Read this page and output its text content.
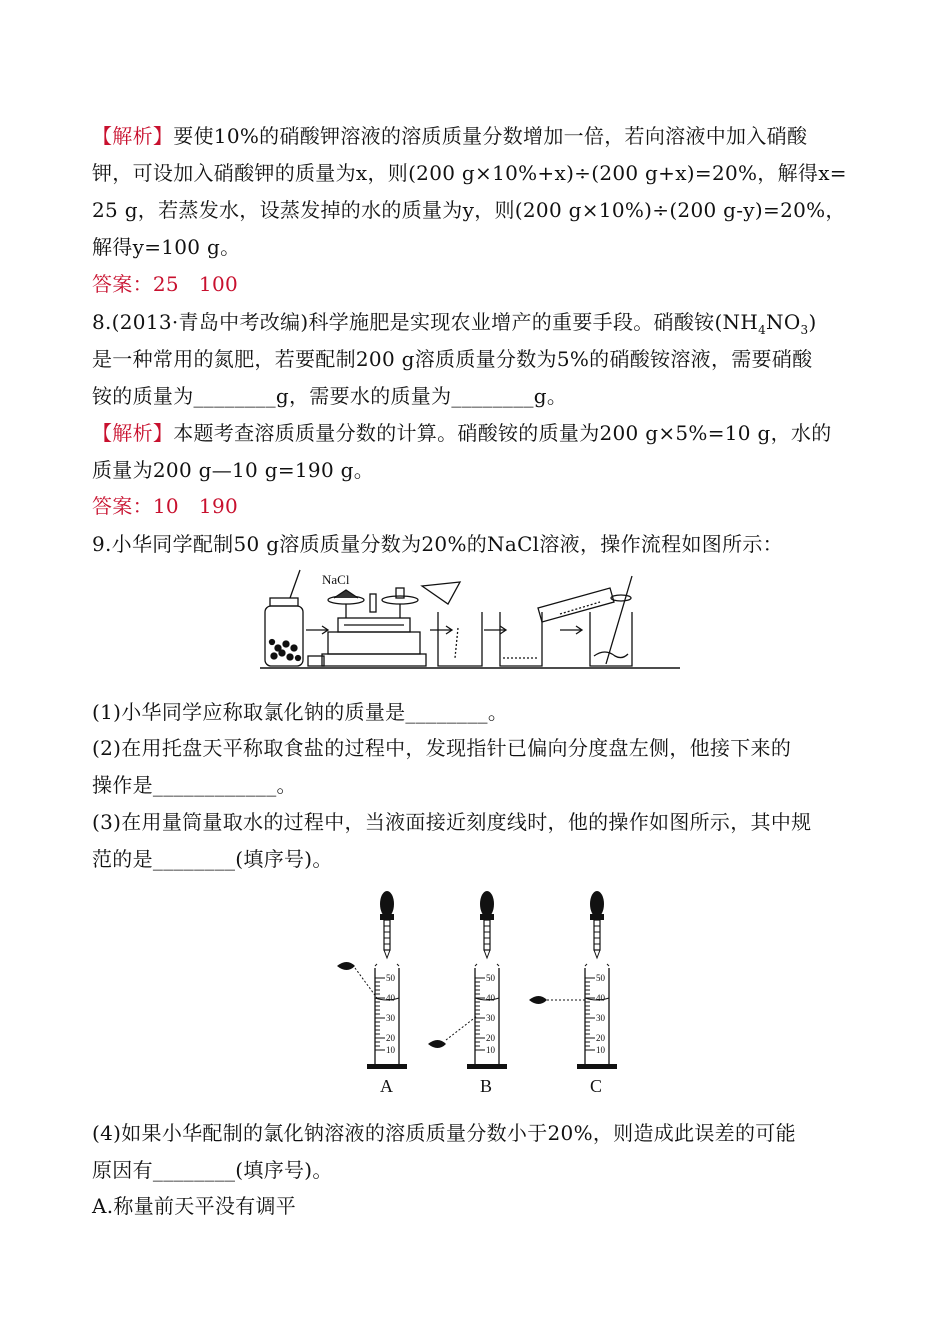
【解析】要使10%的硝酸钾溶液的溶质质量分数增加一倍，若向溶液中加入硝酸
钾，可设加入硝酸钾的质量为x，则(200 g×10%+x)÷(200 g+x)=20%，解得x=
25 g，若蒸发水，设蒸发掉的水的质量为y，则(200 g×10%)÷(200 g-y)=20%，
解得y=100 g。
答案：25   100
8.(2013·青岛中考改编)科学施肥是实现农业增产的重要手段。硝酸铵$(NH_4NO_3)$
是一种常用的氮肥，若要配制200 g溶质质量分数为5%的硝酸铵溶液，需要硝酸
铵的质量为________g，需要水的质量为________g。
【解析】本题考查溶质质量分数的计算。硝酸铵的质量为200 g×5%=10 g，水的
质量为200 g—10 g=190 g。
答案：10   190
9.小华同学配制50 g溶质质量分数为20%的NaCl溶液，操作流程如图所示：
NaCl
(1)小华同学应称取氯化钠的质量是________。
(2)在用托盘天平称取食盐的过程中，发现指针已偏向分度盘左侧，他接下来的
操作是____________。
(3)在用量筒量取水的过程中，当液面接近刻度线时，他的操作如图所示，其中规
范的是________(填序号)。
50
40
30
20
10
50
40
30
20
10
50
40
30
20
10
A	B	C
(4)如果小华配制的氯化钠溶液的溶质质量分数小于20%，则造成此误差的可能
原因有________(填序号)。
A.称量前天平没有调平
